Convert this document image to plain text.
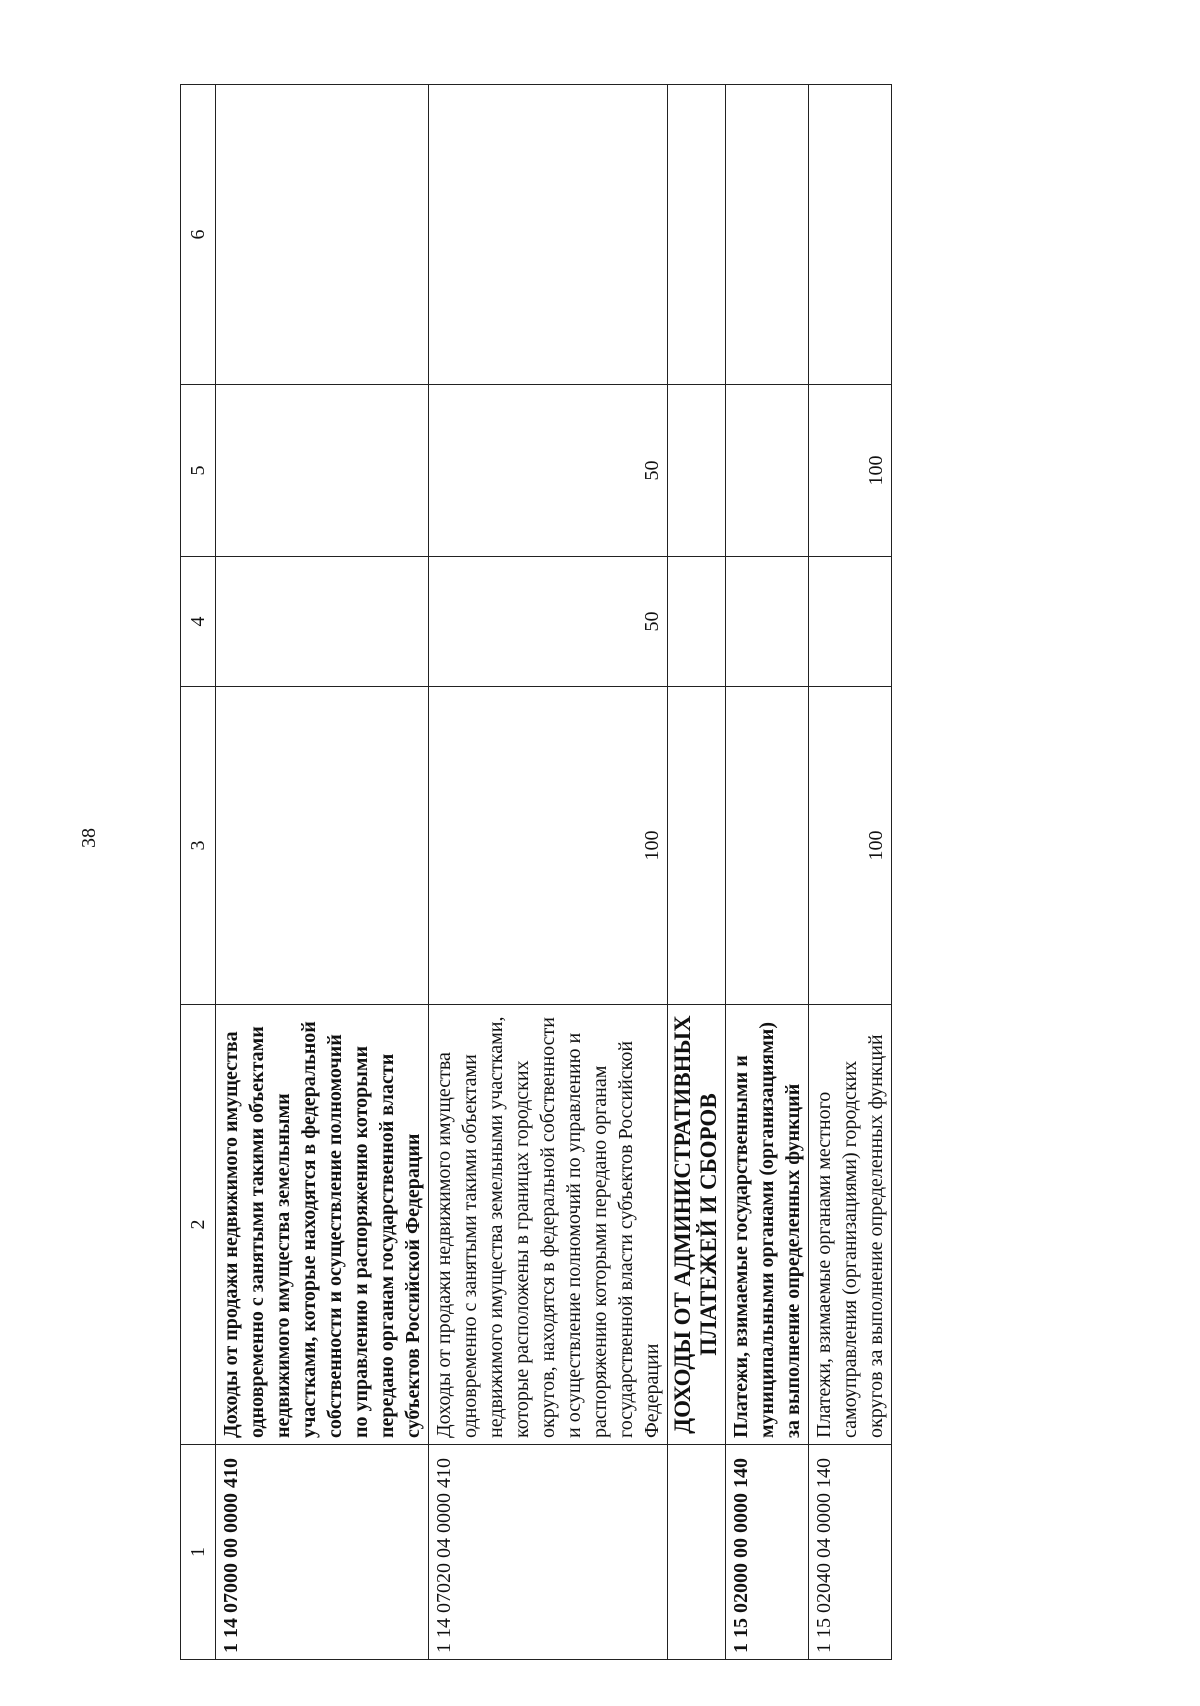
38
1	2	3	4	5	6
1 14 07000 00 0000 410	Доходы от продажи недвижимого имущества одновременно с занятыми такими объектами недвижимого имущества земельными участками, которые находятся в федеральной собственности и осуществление полномочий по управлению и распоряжению которыми передано органам государственной власти субъектов Российской Федерации				
1 14 07020 04 0000 410	Доходы от продажи недвижимого имущества одновременно с занятыми такими объектами недвижимого имущества земельными участками, которые расположены в границах городских округов, находятся в федеральной собственности и осуществление полномочий по управлению и распоряжению которыми передано органам государственной власти субъектов Российской Федерации	100	50	50	
	ДОХОДЫ ОТ АДМИНИСТРАТИВНЫХ ПЛАТЕЖЕЙ И СБОРОВ				
1 15 02000 00 0000 140	Платежи, взимаемые государственными и муниципальными органами (организациями) за выполнение определенных функций				
1 15 02040 04 0000 140	Платежи, взимаемые органами местного самоуправления (организациями) городских округов за выполнение определенных функций	100		100	
